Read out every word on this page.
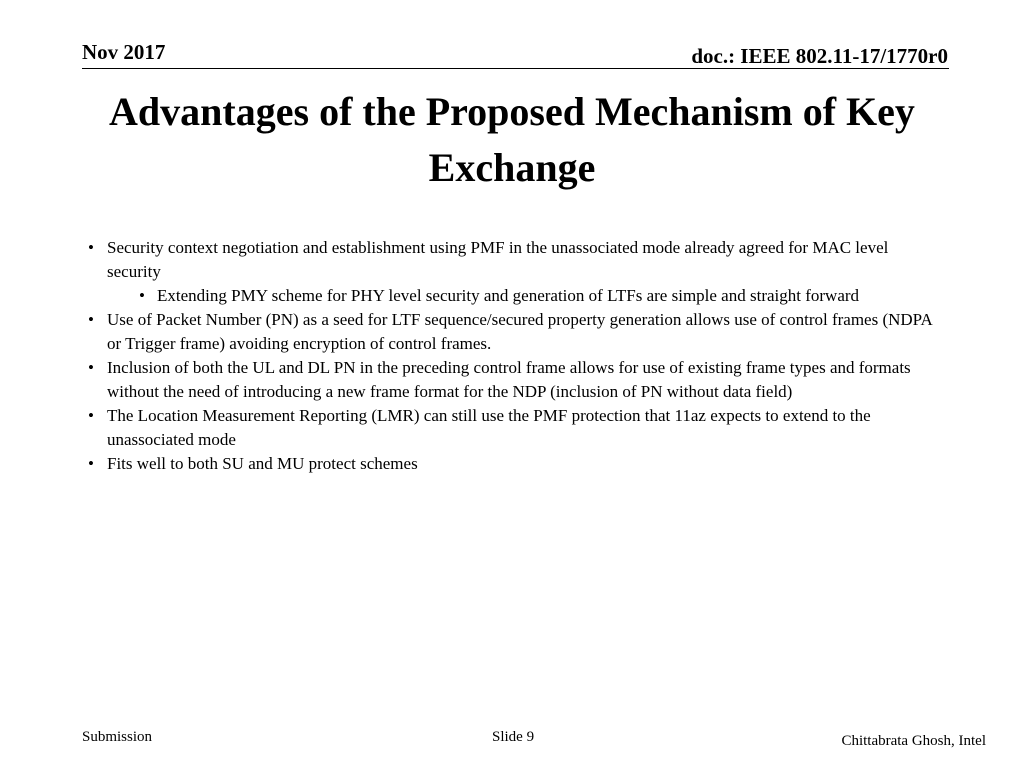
Nov 2017	doc.: IEEE 802.11-17/1770r0
Advantages of the Proposed Mechanism of Key Exchange
• Security context negotiation and establishment using PMF in the unassociated mode already agreed for MAC level security
• Extending PMY scheme for PHY level security and generation of LTFs are simple and straight forward
• Use of Packet Number (PN) as a seed for LTF sequence/secured property generation allows use of control frames (NDPA or Trigger frame) avoiding encryption of control frames.
• Inclusion of both the UL and DL PN in the preceding control frame allows for use of existing frame types and formats without the need of introducing a new frame format for the NDP (inclusion of PN without data field)
• The Location Measurement Reporting (LMR) can still use the PMF protection that 11az expects to extend to the unassociated mode
• Fits well to both SU and MU protect schemes
Submission	Slide 9	Chittabrata Ghosh, Intel
